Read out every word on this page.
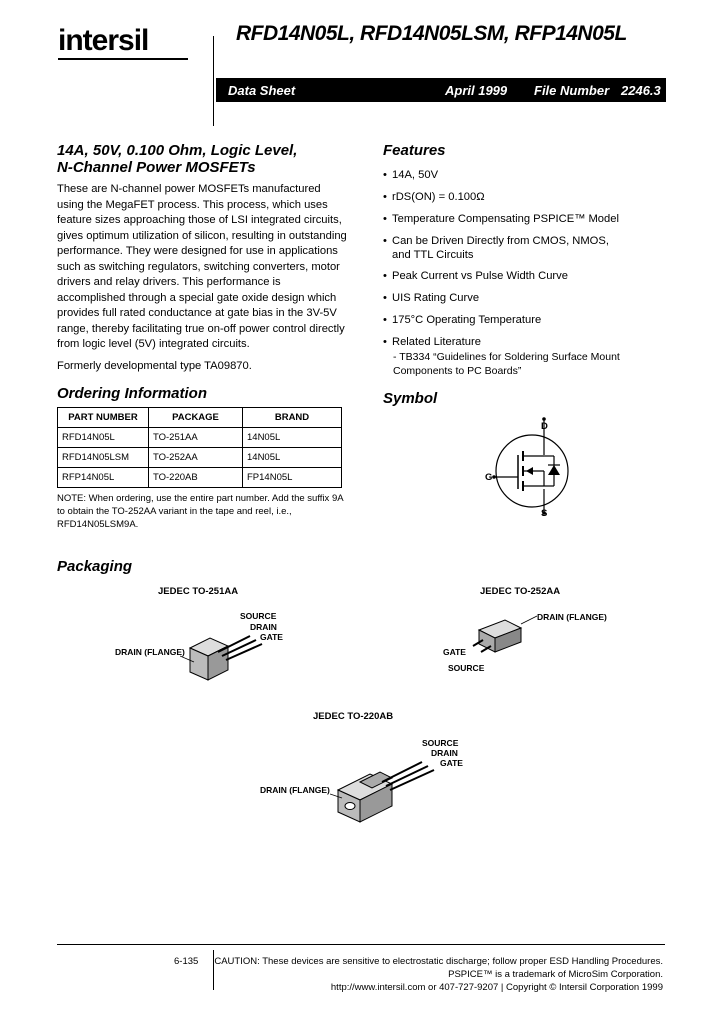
intersil	RFD14N05L, RFD14N05LSM, RFP14N05L
Data Sheet	April 1999 File Number 2246.3
14A, 50V, 0.100 Ohm, Logic Level,
N-Channel Power MOSFETs
These are N-channel power MOSFETs manufactured using the MegaFET process. This process, which uses feature sizes approaching those of LSI integrated circuits, gives optimum utilization of silicon, resulting in outstanding performance. They were designed for use in applications such as switching regulators, switching converters, motor drivers and relay drivers. This performance is accomplished through a special gate oxide design which provides full rated conductance at gate bias in the 3V-5V range, thereby facilitating true on-off power control directly from logic level (5V) integrated circuits.
Formerly developmental type TA09870.
Ordering Information
PART NUMBER	PACKAGE	BRAND
RFD14N05L	TO-251AA	14N05L
RFD14N05LSM	TO-252AA	14N05L
RFP14N05L	TO-220AB	FP14N05L
NOTE: When ordering, use the entire part number. Add the suffix 9A to obtain the TO-252AA variant in the tape and reel, i.e., RFD14N05LSM9A.
Features
• 14A, 50V
• rDS(ON) = 0.100Ω
• Temperature Compensating PSPICE™ Model
• Can be Driven Directly from CMOS, NMOS, and TTL Circuits
• Peak Current vs Pulse Width Curve
• UIS Rating Curve
• 175°C Operating Temperature
• Related Literature
- TB334 “Guidelines for Soldering Surface Mount Components to PC Boards”
Symbol
D
G
S
Packaging
JEDEC TO-251AA
SOURCE
DRAIN
GATE
DRAIN (FLANGE)
JEDEC TO-252AA
DRAIN (FLANGE)
GATE
SOURCE
JEDEC TO-220AB
SOURCE
DRAIN
GATE
DRAIN (FLANGE)
6-135 CAUTION: These devices are sensitive to electrostatic discharge; follow proper ESD Handling Procedures.
PSPICE™ is a trademark of MicroSim Corporation.
http://www.intersil.com or 407-727-9207 | Copyright © Intersil Corporation 1999
